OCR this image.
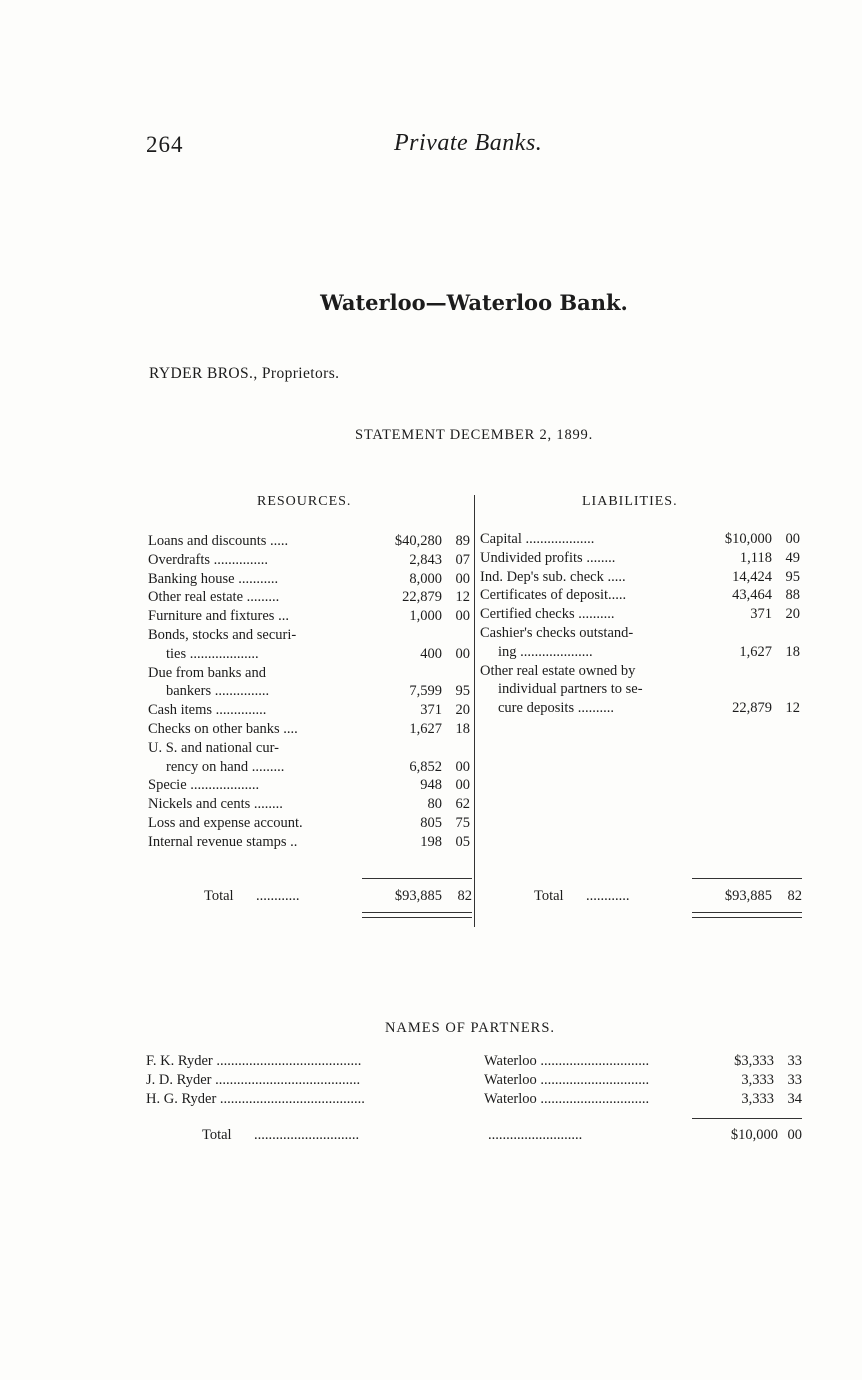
264	Private Banks.
Waterloo—Waterloo Bank.
RYDER BROS., Proprietors.
STATEMENT DECEMBER 2, 1899.
RESOURCES.	LIABILITIES.
Loans and discounts .....	$40,280 89
Overdrafts ...............	2,843 07
Banking house ...........	8,000 00
Other real estate .........	22,879 12
Furniture and fixtures ...	1,000 00
Bonds, stocks and securi-
ties ...................	400 00
Due from banks and
bankers ...............	7,599 95
Cash items ..............	371 20
Checks on other banks ....	1,627 18
U. S. and national cur-
rency on hand .........	6,852 00
Specie ...................	948 00
Nickels and cents ........	80 62
Loss and expense account.	805 75
Internal revenue stamps ..	198 05
Capital ...................	$10,000 00
Undivided profits ........	1,118 49
Ind. Dep's sub. check .....	14,424 95
Certificates of deposit.....	43,464 88
Certified checks ..........	371 20
Cashier's checks outstand-
ing ....................	1,627 18
Other real estate owned by
individual partners to se-
cure deposits ..........	22,879 12
Total ............	$93,885	82	Total ............	$93,885	82
NAMES OF PARTNERS.
F. K. Ryder ........................................	Waterloo ..............................	$3,333 33
J. D. Ryder ........................................	Waterloo ..............................	3,333 33
H. G. Ryder ........................................	Waterloo ..............................	3,333 34
Total .............................	..........................	$10,000 00
